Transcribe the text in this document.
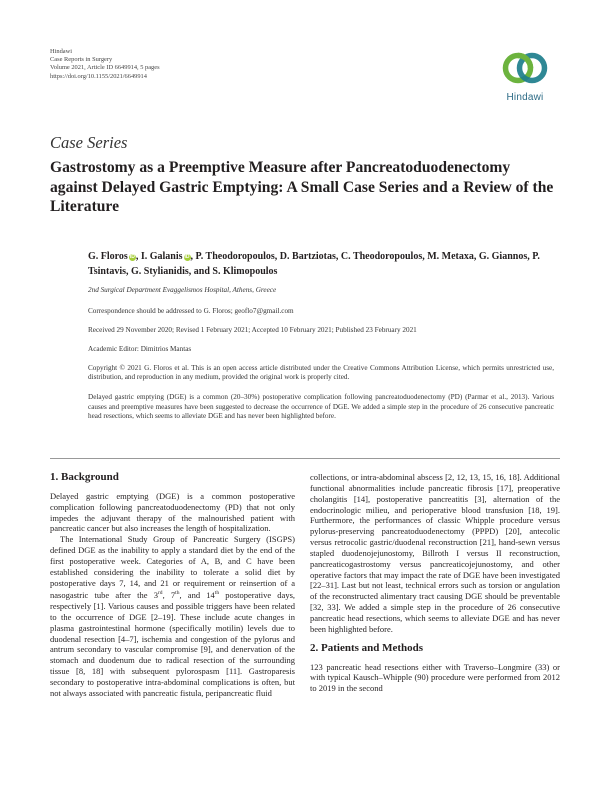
Hindawi
Case Reports in Surgery
Volume 2021, Article ID 6649914, 5 pages
https://doi.org/10.1155/2021/6649914
Hindawi
Case Series
Gastrostomy as a Preemptive Measure after Pancreatoduodenectomy against Delayed Gastric Emptying: A Small Case Series and a Review of the Literature
G. Floros iD, I. Galanis iD, P. Theodoropoulos, D. Bartziotas, C. Theodoropoulos, M. Metaxa, G. Giannos, P. Tsintavis, G. Stylianidis, and S. Klimopoulos
2nd Surgical Department Evaggelismos Hospital, Athens, Greece
Correspondence should be addressed to G. Floros; geoflo7@gmail.com
Received 29 November 2020; Revised 1 February 2021; Accepted 10 February 2021; Published 23 February 2021
Academic Editor: Dimitrios Mantas
Copyright © 2021 G. Floros et al. This is an open access article distributed under the Creative Commons Attribution License, which permits unrestricted use, distribution, and reproduction in any medium, provided the original work is properly cited.
Delayed gastric emptying (DGE) is a common (20–30%) postoperative complication following pancreatoduodenectomy (PD) (Parmar et al., 2013). Various causes and preemptive measures have been suggested to decrease the occurrence of DGE. We added a simple step in the procedure of 26 consecutive pancreatic head resections, which seems to alleviate DGE and has never been highlighted before.
1. Background

Delayed gastric emptying (DGE) is a common postoperative complication following pancreatoduodenectomy (PD) that not only impedes the adjuvant therapy of the malnourished patient with pancreatic cancer but also increases the length of hospitalization.

The International Study Group of Pancreatic Surgery (ISGPS) defined DGE as the inability to apply a standard diet by the end of the first postoperative week. Categories of A, B, and C have been established considering the inability to tolerate a solid diet by postoperative days 7, 14, and 21 or requirement or reinsertion of a nasogastric tube after the 3rd, 7th, and 14th postoperative days, respectively [1]. Various causes and possible triggers have been related to the occurrence of DGE [2–19]. These include acute changes in plasma gastrointestinal hormone (specifically motilin) levels due to duodenal resection [4–7], ischemia and congestion of the pylorus and antrum secondary to vascular compromise [9], and denervation of the stomach and duodenum due to radical resection of the surrounding tissue [8, 18] with subsequent pylorospasm [11]. Gastroparesis secondary to postoperative intra-abdominal complications is often, but not always associated with pancreatic fistula, peripancreatic fluid

collections, or intra-abdominal abscess [2, 12, 13, 15, 16, 18]. Additional functional abnormalities include pancreatic fibrosis [17], preoperative cholangitis [14], postoperative pancreatitis [3], alternation of the endocrinologic milieu, and perioperative blood transfusion [18, 19]. Furthermore, the performances of classic Whipple procedure versus pylorus-preserving pancreatoduodenectomy (PPPD) [20], antecolic versus retrocolic gastric/duodenal reconstruction [21], hand-sewn versus stapled duodenojejunostomy, Billroth I versus II reconstruction, pancreaticogastrostomy versus pancreaticojejunostomy, and other operative factors that may impact the rate of DGE have been investigated [22–31]. Last but not least, technical errors such as torsion or angulation of the reconstructed alimentary tract causing DGE should be preventable [32, 33]. We added a simple step in the procedure of 26 consecutive pancreatic head resections, which seems to alleviate DGE and has never been highlighted before.

2. Patients and Methods

123 pancreatic head resections either with Traverso–Longmire (33) or with typical Kausch–Whipple (90) procedure were performed from 2012 to 2019 in the second
